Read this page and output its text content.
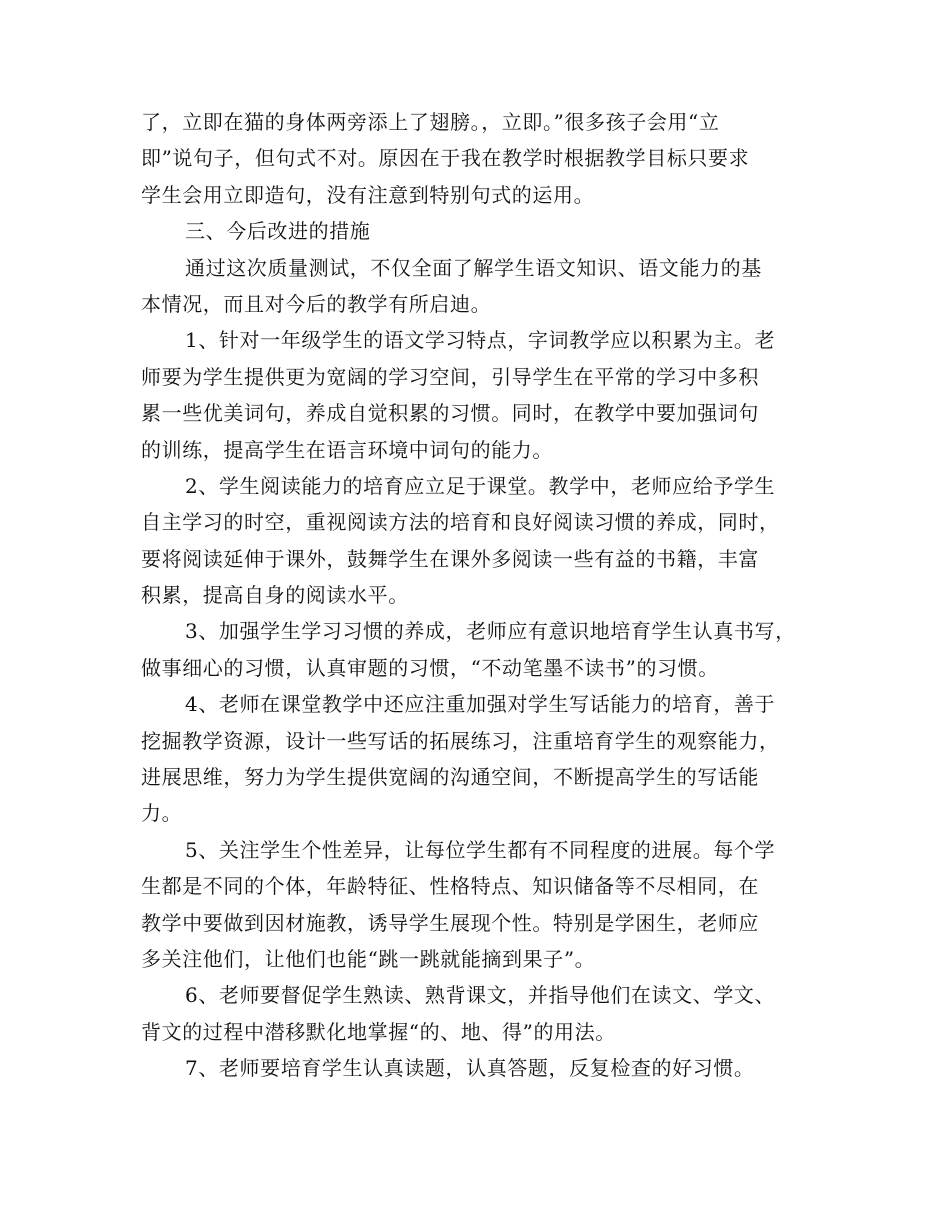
了，立即在猫的身体两旁添上了翅膀。，立即。”很多孩子会用“立
即”说句子，但句式不对。原因在于我在教学时根据教学目标只要求
学生会用立即造句，没有注意到特别句式的运用。
三、今后改进的措施
通过这次质量测试，不仅全面了解学生语文知识、语文能力的基
本情况，而且对今后的教学有所启迪。
1、针对一年级学生的语文学习特点，字词教学应以积累为主。老
师要为学生提供更为宽阔的学习空间，引导学生在平常的学习中多积
累一些优美词句，养成自觉积累的习惯。同时，在教学中要加强词句
的训练，提高学生在语言环境中词句的能力。
2、学生阅读能力的培育应立足于课堂。教学中，老师应给予学生
自主学习的时空，重视阅读方法的培育和良好阅读习惯的养成，同时，
要将阅读延伸于课外，鼓舞学生在课外多阅读一些有益的书籍，丰富
积累，提高自身的阅读水平。
3、加强学生学习习惯的养成，老师应有意识地培育学生认真书写，
做事细心的习惯，认真审题的习惯，“不动笔墨不读书”的习惯。
4、老师在课堂教学中还应注重加强对学生写话能力的培育，善于
挖掘教学资源，设计一些写话的拓展练习，注重培育学生的观察能力，
进展思维，努力为学生提供宽阔的沟通空间，不断提高学生的写话能
力。
5、关注学生个性差异，让每位学生都有不同程度的进展。每个学
生都是不同的个体，年龄特征、性格特点、知识储备等不尽相同，在
教学中要做到因材施教，诱导学生展现个性。特别是学困生，老师应
多关注他们，让他们也能“跳一跳就能摘到果子”。
6、老师要督促学生熟读、熟背课文，并指导他们在读文、学文、
背文的过程中潜移默化地掌握“的、地、得”的用法。
7、老师要培育学生认真读题，认真答题，反复检查的好习惯。
